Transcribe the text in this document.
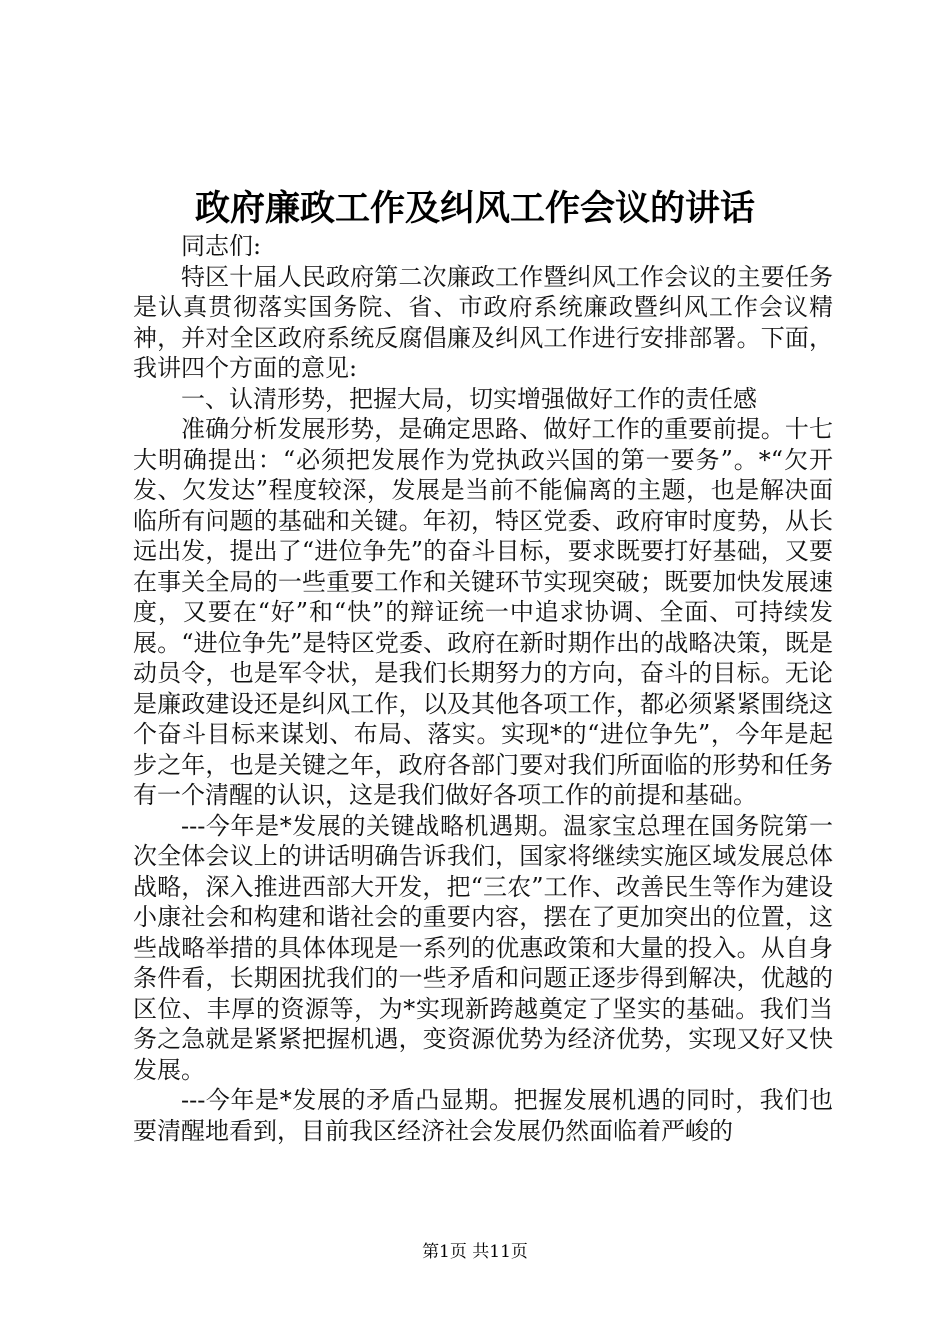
政府廉政工作及纠风工作会议的讲话

同志们:

特区十届人民政府第二次廉政工作暨纠风工作会议的主要任务是认真贯彻落实国务院、省、市政府系统廉政暨纠风工作会议精神，并对全区政府系统反腐倡廉及纠风工作进行安排部署。下面，我讲四个方面的意见:

一、认清形势，把握大局，切实增强做好工作的责任感

准确分析发展形势，是确定思路、做好工作的重要前提。十七大明确提出：“必须把发展作为党执政兴国的第一要务”。*“欠开发、欠发达”程度较深，发展是当前不能偏离的主题，也是解决面临所有问题的基础和关键。年初，特区党委、政府审时度势，从长远出发，提出了“进位争先”的奋斗目标，要求既要打好基础，又要在事关全局的一些重要工作和关键环节实现突破；既要加快发展速度，又要在“好”和“快”的辩证统一中追求协调、全面、可持续发展。“进位争先”是特区党委、政府在新时期作出的战略决策，既是动员令，也是军令状，是我们长期努力的方向，奋斗的目标。无论是廉政建设还是纠风工作，以及其他各项工作，都必须紧紧围绕这个奋斗目标来谋划、布局、落实。实现*的“进位争先”，今年是起步之年，也是关键之年，政府各部门要对我们所面临的形势和任务有一个清醒的认识，这是我们做好各项工作的前提和基础。

---今年是*发展的关键战略机遇期。温家宝总理在国务院第一次全体会议上的讲话明确告诉我们，国家将继续实施区域发展总体战略，深入推进西部大开发，把“三农”工作、改善民生等作为建设小康社会和构建和谐社会的重要内容，摆在了更加突出的位置，这些战略举措的具体体现是一系列的优惠政策和大量的投入。从自身条件看，长期困扰我们的一些矛盾和问题正逐步得到解决，优越的区位、丰厚的资源等，为*实现新跨越奠定了坚实的基础。我们当务之急就是紧紧把握机遇，变资源优势为经济优势，实现又好又快发展。

---今年是*发展的矛盾凸显期。把握发展机遇的同时，我们也要清醒地看到，目前我区经济社会发展仍然面临着严峻的

第1页 共11页
